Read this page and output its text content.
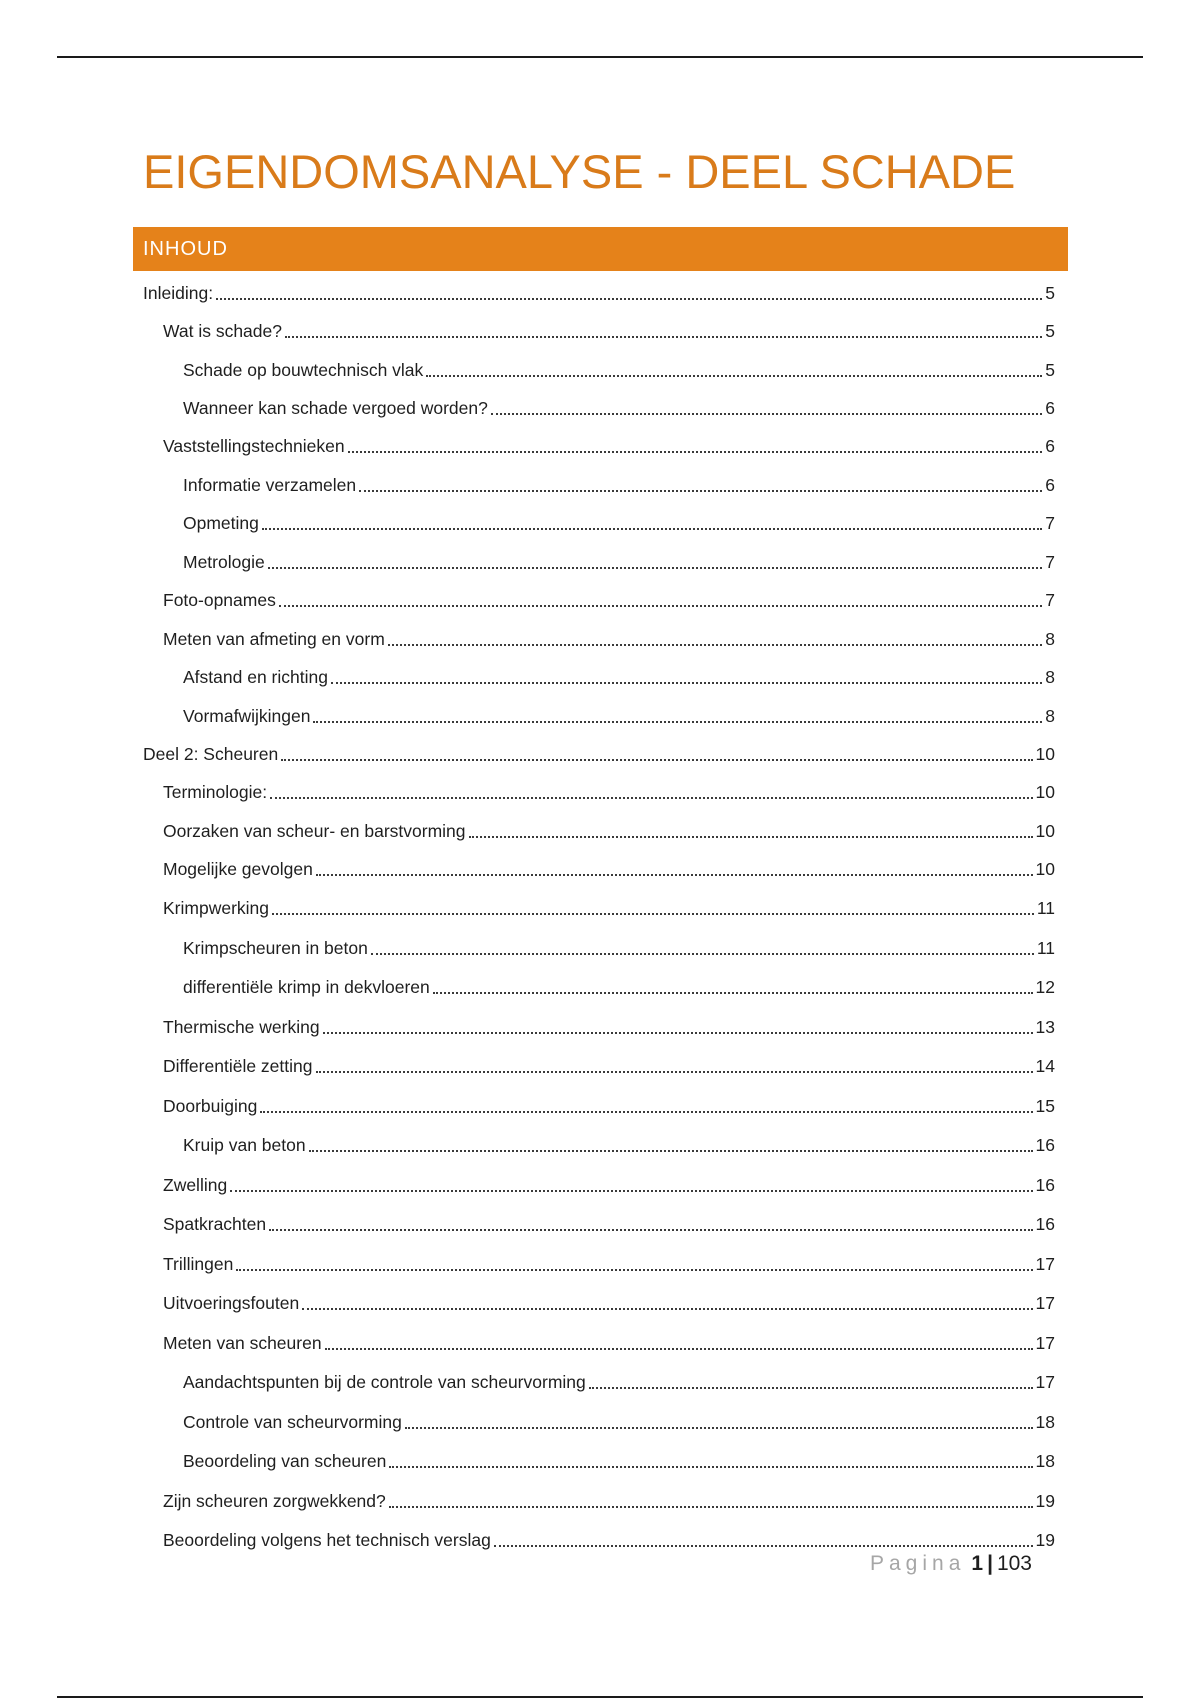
EIGENDOMSANALYSE - DEEL SCHADE
INHOUD
Inleiding:	5
Wat is schade?	5
Schade op bouwtechnisch vlak	5
Wanneer kan schade vergoed worden?	6
Vaststellingstechnieken	6
Informatie verzamelen	6
Opmeting	7
Metrologie	7
Foto-opnames	7
Meten van afmeting en vorm	8
Afstand en richting	8
Vormafwijkingen	8
Deel 2: Scheuren	10
Terminologie:	10
Oorzaken van scheur- en barstvorming	10
Mogelijke gevolgen	10
Krimpwerking	11
Krimpscheuren in beton	11
differentiële krimp in dekvloeren	12
Thermische werking	13
Differentiële zetting	14
Doorbuiging	15
Kruip van beton	16
Zwelling	16
Spatkrachten	16
Trillingen	17
Uitvoeringsfouten	17
Meten van scheuren	17
Aandachtspunten bij de controle van scheurvorming	17
Controle van scheurvorming	18
Beoordeling van scheuren	18
Zijn scheuren zorgwekkend?	19
Beoordeling volgens het technisch verslag	19
Pagina 1 | 103
